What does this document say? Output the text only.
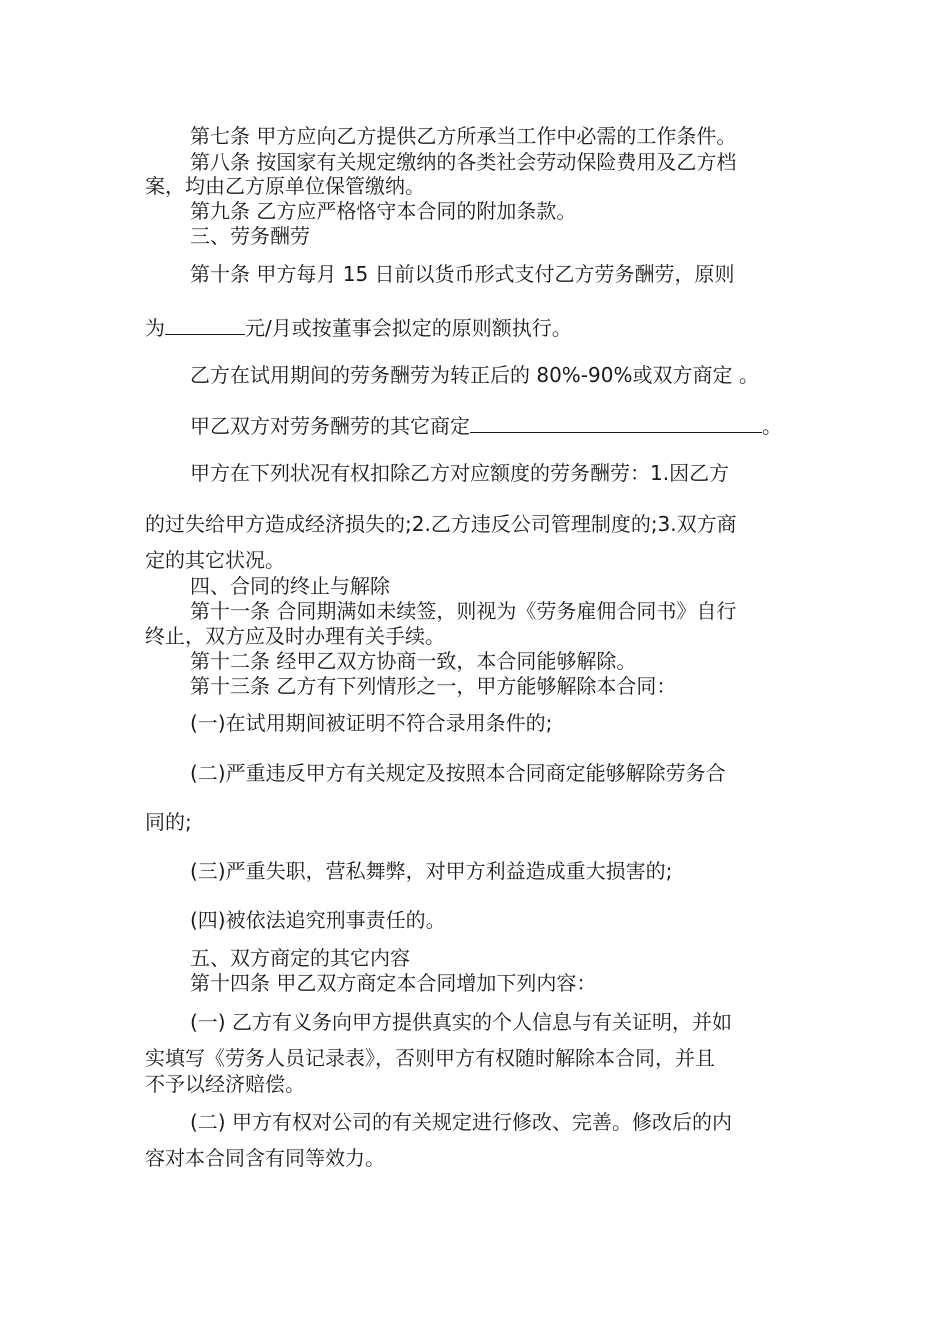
第七条 甲方应向乙方提供乙方所承当工作中必需的工作条件。
第八条 按国家有关规定缴纳的各类社会劳动保险费用及乙方档
案，均由乙方原单位保管缴纳。
第九条 乙方应严格恪守本合同的附加条款。
三、劳务酬劳
第十条 甲方每月 15 日前以货币形式支付乙方劳务酬劳，原则
为	元/月或按董事会拟定的原则额执行。
乙方在试用期间的劳务酬劳为转正后的 80%-90%或双方商定 。
甲乙双方对劳务酬劳的其它商定	。
甲方在下列状况有权扣除乙方对应额度的劳务酬劳：1.因乙方
的过失给甲方造成经济损失的;2.乙方违反公司管理制度的;3.双方商
定的其它状况。
四、合同的终止与解除
第十一条 合同期满如未续签，则视为《劳务雇佣合同书》自行
终止，双方应及时办理有关手续。
第十二条 经甲乙双方协商一致，本合同能够解除。
第十三条 乙方有下列情形之一，甲方能够解除本合同：
(一)在试用期间被证明不符合录用条件的;
(二)严重违反甲方有关规定及按照本合同商定能够解除劳务合
同的;
(三)严重失职，营私舞弊，对甲方利益造成重大损害的;
(四)被依法追究刑事责任的。
五、双方商定的其它内容
第十四条 甲乙双方商定本合同增加下列内容：
(一) 乙方有义务向甲方提供真实的个人信息与有关证明，并如
实填写《劳务人员记录表》，否则甲方有权随时解除本合同，并且
不予以经济赔偿。
(二) 甲方有权对公司的有关规定进行修改、完善。修改后的内
容对本合同含有同等效力。
